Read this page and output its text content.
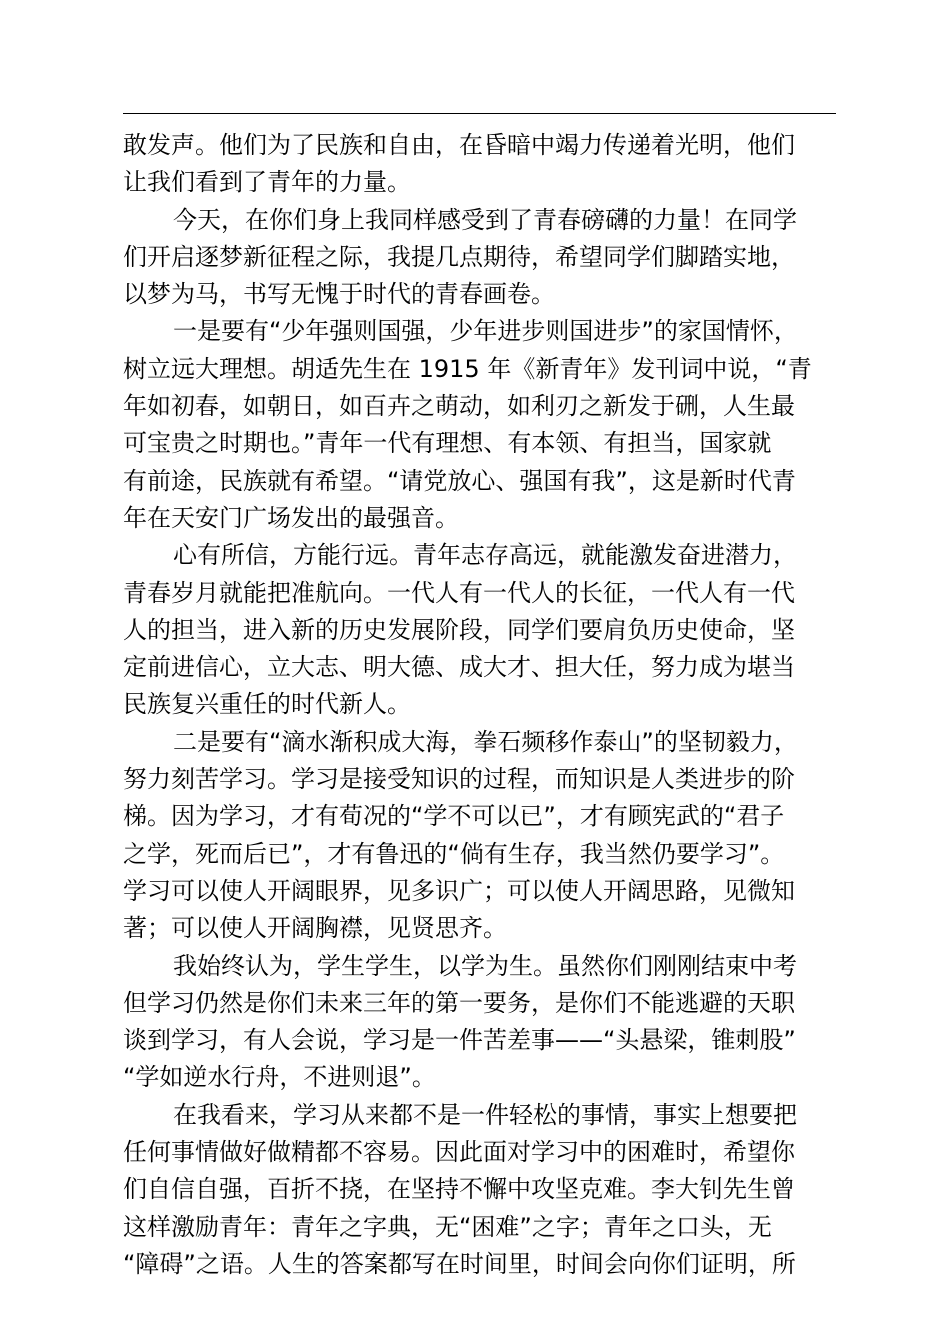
敢发声。他们为了民族和自由，在昏暗中竭力传递着光明，他们
让我们看到了青年的力量。
今天，在你们身上我同样感受到了青春磅礴的力量！在同学
们开启逐梦新征程之际，我提几点期待，希望同学们脚踏实地，
以梦为马，书写无愧于时代的青春画卷。
一是要有“少年强则国强，少年进步则国进步”的家国情怀，
树立远大理想。胡适先生在 1915 年《新青年》发刊词中说，“青
年如初春，如朝日，如百卉之萌动，如利刃之新发于硎，人生最
可宝贵之时期也。”青年一代有理想、有本领、有担当，国家就
有前途，民族就有希望。“请党放心、强国有我”，这是新时代青
年在天安门广场发出的最强音。
心有所信，方能行远。青年志存高远，就能激发奋进潜力，
青春岁月就能把准航向。一代人有一代人的长征，一代人有一代
人的担当，进入新的历史发展阶段，同学们要肩负历史使命，坚
定前进信心，立大志、明大德、成大才、担大任，努力成为堪当
民族复兴重任的时代新人。
二是要有“滴水渐积成大海，拳石频移作泰山”的坚韧毅力，
努力刻苦学习。学习是接受知识的过程，而知识是人类进步的阶
梯。因为学习，才有荀况的“学不可以已”，才有顾宪武的“君子
之学，死而后已”，才有鲁迅的“倘有生存，我当然仍要学习”。
学习可以使人开阔眼界，见多识广；可以使人开阔思路，见微知
著；可以使人开阔胸襟，见贤思齐。
我始终认为，学生学生，以学为生。虽然你们刚刚结束中考
但学习仍然是你们未来三年的第一要务，是你们不能逃避的天职
谈到学习，有人会说，学习是一件苦差事——“头悬梁，锥刺股”
“学如逆水行舟，不进则退”。
在我看来，学习从来都不是一件轻松的事情，事实上想要把
任何事情做好做精都不容易。因此面对学习中的困难时，希望你
们自信自强，百折不挠，在坚持不懈中攻坚克难。李大钊先生曾
这样激励青年：青年之字典，无“困难”之字；青年之口头，无
“障碍”之语。人生的答案都写在时间里，时间会向你们证明，所
